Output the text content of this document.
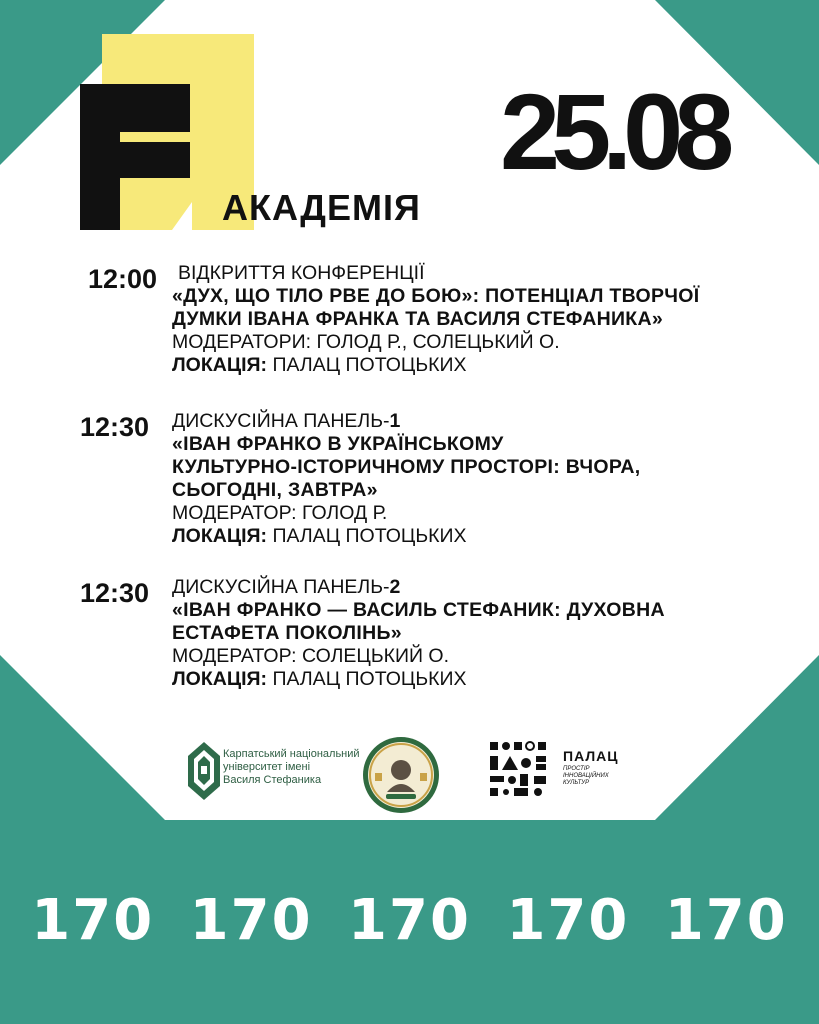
АКАДЕМІЯ
25.08
12:00 ВІДКРИТТЯ КОНФЕРЕНЦІЇ
«ДУХ, ЩО ТІЛО РВЕ ДО БОЮ»: ПОТЕНЦІАЛ ТВОРЧОЇ
ДУМКИ ІВАНА ФРАНКА ТА ВАСИЛЯ СТЕФАНИКА»
МОДЕРАТОРИ: ГОЛОД Р., СОЛЕЦЬКИЙ О.
ЛОКАЦІЯ: ПАЛАЦ ПОТОЦЬКИХ
12:30 ДИСКУСІЙНА ПАНЕЛЬ-1
«ІВАН ФРАНКО В УКРАЇНСЬКОМУ
КУЛЬТУРНО-ІСТОРИЧНОМУ ПРОСТОРІ: ВЧОРА,
СЬОГОДНІ, ЗАВТРА»
МОДЕРАТОР: ГОЛОД Р.
ЛОКАЦІЯ: ПАЛАЦ ПОТОЦЬКИХ
12:30 ДИСКУСІЙНА ПАНЕЛЬ-2
«ІВАН ФРАНКО — ВАСИЛЬ СТЕФАНИК: ДУХОВНА
ЕСТАФЕТА ПОКОЛІНЬ»
МОДЕРАТОР: СОЛЕЦЬКИЙ О.
ЛОКАЦІЯ: ПАЛАЦ ПОТОЦЬКИХ
Карпатський національний
університет імені
Василя Стефаника
ПАЛАЦ
ПРОСТІР
ІННОВАЦІЙНИХ
КУЛЬТУР
170 170 170 170 170
